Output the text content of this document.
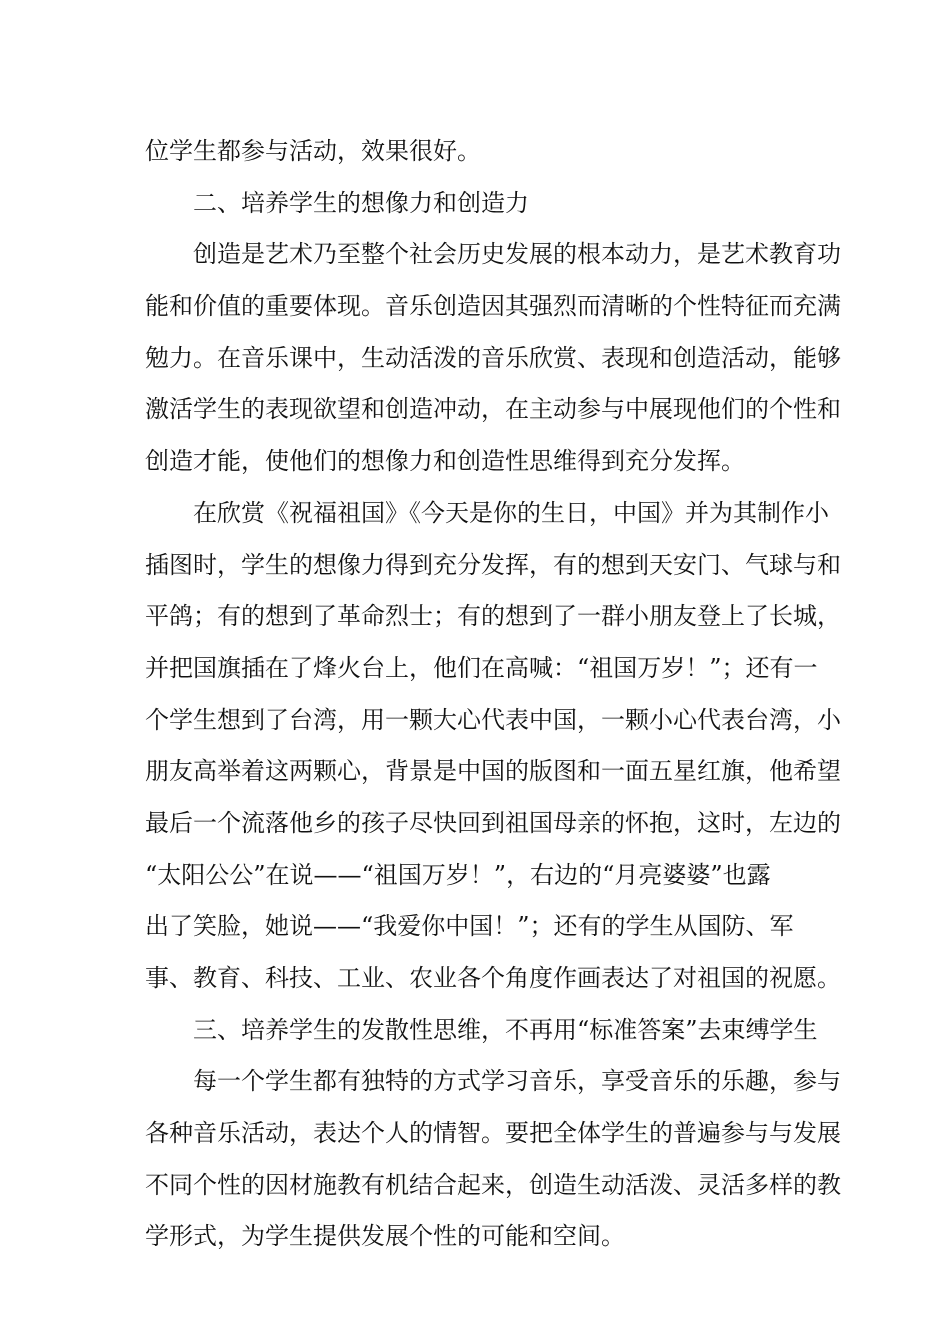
位学生都参与活动，效果很好。
二、培养学生的想像力和创造力
创造是艺术乃至整个社会历史发展的根本动力，是艺术教育功
能和价值的重要体现。音乐创造因其强烈而清晰的个性特征而充满
勉力。在音乐课中，生动活泼的音乐欣赏、表现和创造活动，能够
激活学生的表现欲望和创造冲动，在主动参与中展现他们的个性和
创造才能，使他们的想像力和创造性思维得到充分发挥。
在欣赏《祝福祖国》《今天是你的生日，中国》并为其制作小
插图时，学生的想像力得到充分发挥，有的想到天安门、气球与和
平鸽；有的想到了革命烈士；有的想到了一群小朋友登上了长城，
并把国旗插在了烽火台上，他们在高喊：“祖国万岁！”；还有一
个学生想到了台湾，用一颗大心代表中国，一颗小心代表台湾，小
朋友高举着这两颗心，背景是中国的版图和一面五星红旗，他希望
最后一个流落他乡的孩子尽快回到祖国母亲的怀抱，这时，左边的
“太阳公公”在说——“祖国万岁！”，右边的“月亮婆婆”也露
出了笑脸，她说——“我爱你中国！”；还有的学生从国防、军
事、教育、科技、工业、农业各个角度作画表达了对祖国的祝愿。
三、培养学生的发散性思维，不再用“标准答案”去束缚学生
每一个学生都有独特的方式学习音乐，享受音乐的乐趣，参与
各种音乐活动，表达个人的情智。要把全体学生的普遍参与与发展
不同个性的因材施教有机结合起来，创造生动活泼、灵活多样的教
学形式，为学生提供发展个性的可能和空间。
